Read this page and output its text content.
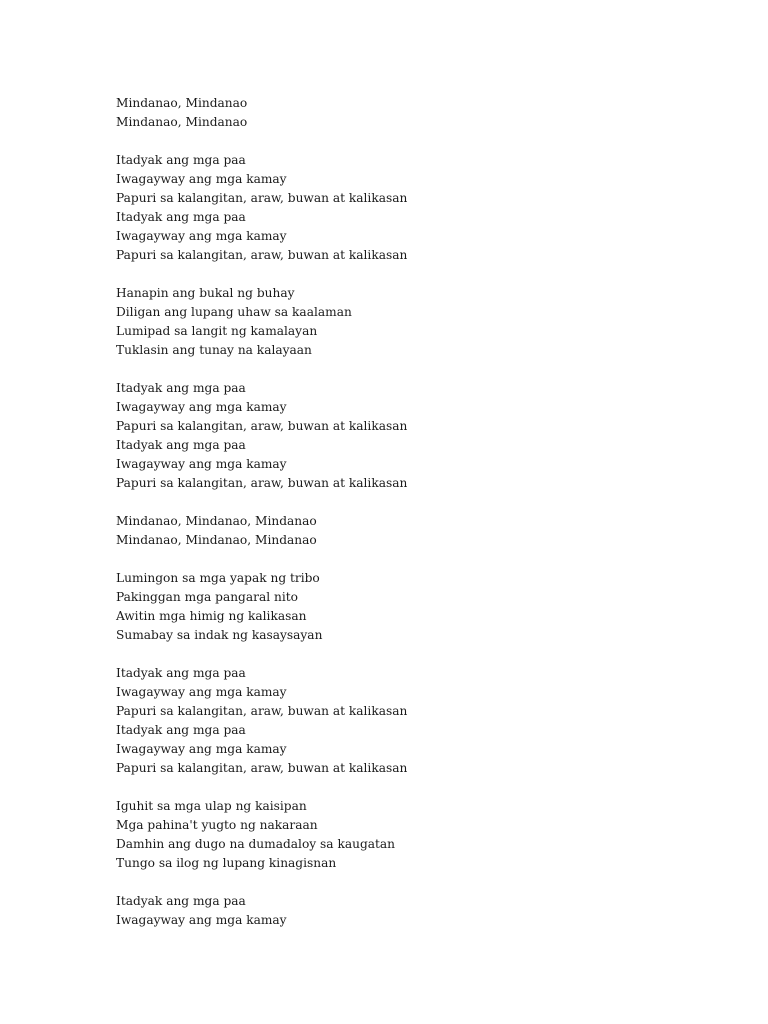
Mindanao, Mindanao
Mindanao, Mindanao
Itadyak ang mga paa
Iwagayway ang mga kamay
Papuri sa kalangitan, araw, buwan at kalikasan
Itadyak ang mga paa
Iwagayway ang mga kamay
Papuri sa kalangitan, araw, buwan at kalikasan
Hanapin ang bukal ng buhay
Diligan ang lupang uhaw sa kaalaman
Lumipad sa langit ng kamalayan
Tuklasin ang tunay na kalayaan
Itadyak ang mga paa
Iwagayway ang mga kamay
Papuri sa kalangitan, araw, buwan at kalikasan
Itadyak ang mga paa
Iwagayway ang mga kamay
Papuri sa kalangitan, araw, buwan at kalikasan
Mindanao, Mindanao, Mindanao
Mindanao, Mindanao, Mindanao
Lumingon sa mga yapak ng tribo
Pakinggan mga pangaral nito
Awitin mga himig ng kalikasan
Sumabay sa indak ng kasaysayan
Itadyak ang mga paa
Iwagayway ang mga kamay
Papuri sa kalangitan, araw, buwan at kalikasan
Itadyak ang mga paa
Iwagayway ang mga kamay
Papuri sa kalangitan, araw, buwan at kalikasan
Iguhit sa mga ulap ng kaisipan
Mga pahina't yugto ng nakaraan
Damhin ang dugo na dumadaloy sa kaugatan
Tungo sa ilog ng lupang kinagisnan
Itadyak ang mga paa
Iwagayway ang mga kamay
